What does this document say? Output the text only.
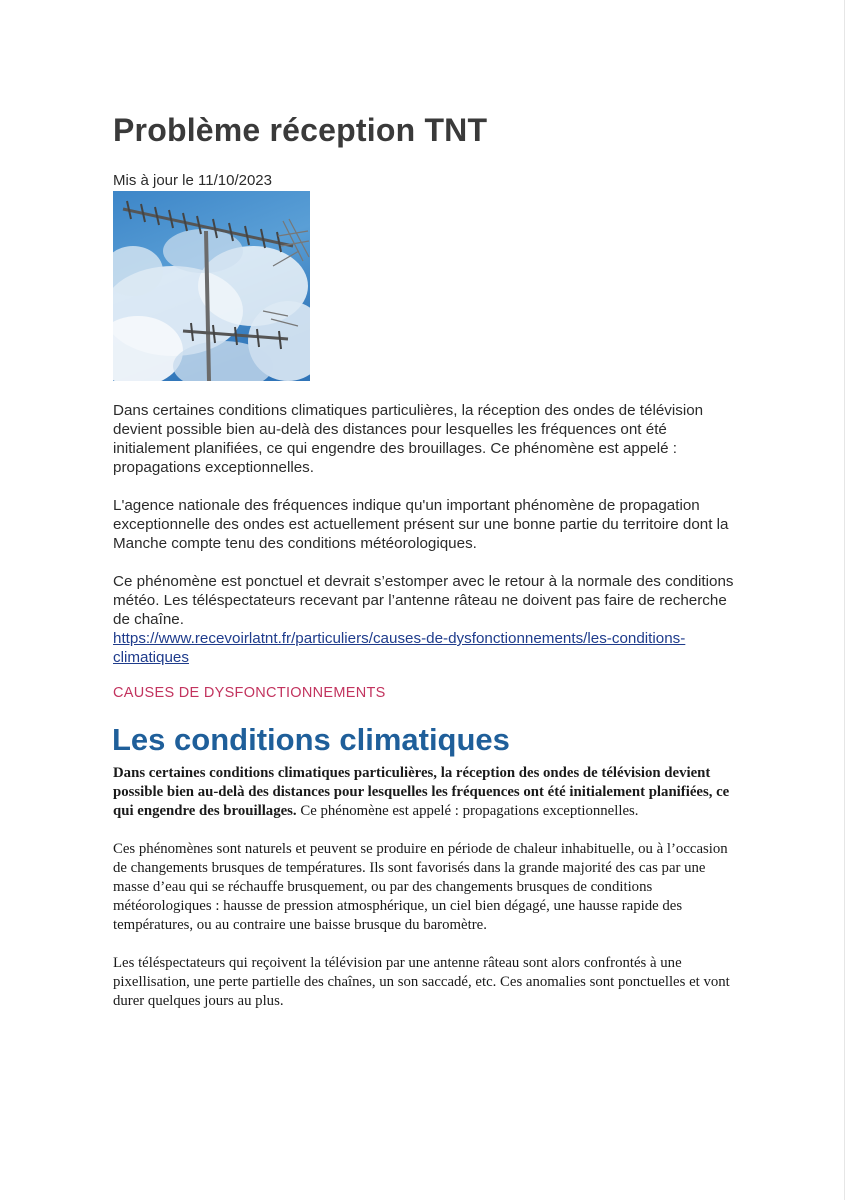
Problème réception TNT
Mis à jour le 11/10/2023

Dans certaines conditions climatiques particulières, la réception des ondes de télévision devient possible bien au-delà des distances pour lesquelles les fréquences ont été initialement planifiées, ce qui engendre des brouillages. Ce phénomène est appelé : propagations exceptionnelles.

L'agence nationale des fréquences indique qu'un important phénomène de propagation exceptionnelle des ondes est actuellement présent sur une bonne partie du territoire dont la Manche compte tenu des conditions météorologiques.

Ce phénomène est ponctuel et devrait s’estomper avec le retour à la normale des conditions météo. Les téléspectateurs recevant par l’antenne râteau ne doivent pas faire de recherche de chaîne.

https://www.recevoirlatnt.fr/particuliers/causes-de-dysfonctionnements/les-conditions-climatiques
CAUSES DE DYSFONCTIONNEMENTS
Les conditions climatiques

Dans certaines conditions climatiques particulières, la réception des ondes de télévision devient possible bien au-delà des distances pour lesquelles les fréquences ont été initialement planifiées, ce qui engendre des brouillages. Ce phénomène est appelé : propagations exceptionnelles.

Ces phénomènes sont naturels et peuvent se produire en période de chaleur inhabituelle, ou à l’occasion de changements brusques de températures. Ils sont favorisés dans la grande majorité des cas par une masse d’eau qui se réchauffe brusquement, ou par des changements brusques de conditions météorologiques : hausse de pression atmosphérique, un ciel bien dégagé, une hausse rapide des températures, ou au contraire une baisse brusque du baromètre.

Les téléspectateurs qui reçoivent la télévision par une antenne râteau sont alors confrontés à une pixellisation, une perte partielle des chaînes, un son saccadé, etc. Ces anomalies sont ponctuelles et vont durer quelques jours au plus.
